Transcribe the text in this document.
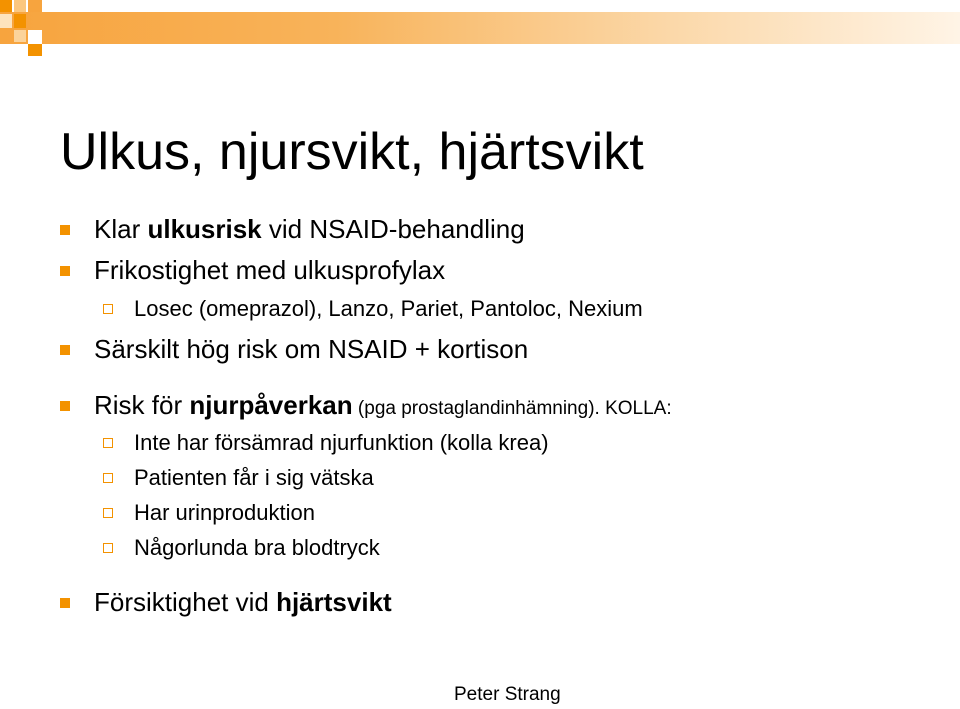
Ulkus, njursvikt, hjärtsvikt
Klar ulkusrisk vid NSAID-behandling
Frikostighet med ulkusprofylax
Losec (omeprazol), Lanzo, Pariet, Pantoloc, Nexium
Särskilt hög risk om NSAID + kortison
Risk för njurpåverkan (pga prostaglandinhämning). KOLLA:
Inte har försämrad njurfunktion (kolla krea)
Patienten får i sig vätska
Har urinproduktion
Någorlunda bra blodtryck
Försiktighet vid hjärtsvikt
Peter Strang
